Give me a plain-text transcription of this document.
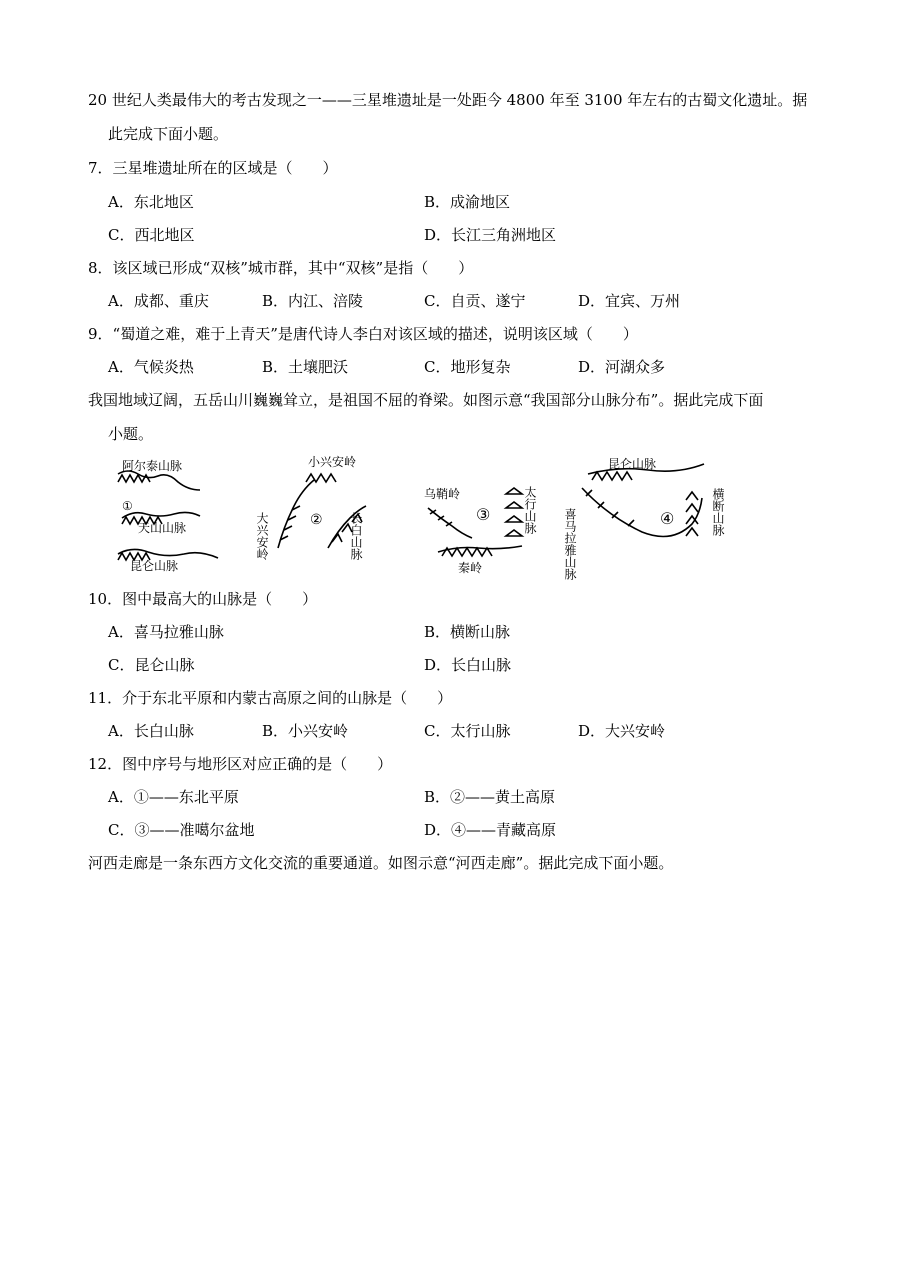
20 世纪人类最伟大的考古发现之一——三星堆遗址是一处距今 4800 年至 3100 年左右的古蜀文化遗址。据
此完成下面小题。
7．三星堆遗址所在的区域是（　　）
A．东北地区	B．成渝地区
C．西北地区	D．长江三角洲地区
8．该区域已形成“双核”城市群，其中“双核”是指（　　）
A．成都、重庆	B．内江、涪陵	C．自贡、遂宁	D．宜宾、万州
9．“蜀道之难，难于上青天”是唐代诗人李白对该区域的描述，说明该区域（　　）
A．气候炎热	B．土壤肥沃	C．地形复杂	D．河湖众多
我国地域辽阔，五岳山川巍巍耸立，是祖国不屈的脊梁。如图示意“我国部分山脉分布”。据此完成下面
小题。
阿尔泰山脉
①
天山山脉
昆仑山脉
小兴安岭
大兴安岭	② 长白山脉
乌鞘岭
③
秦岭
太行山脉
昆仑山脉
喜马拉雅山脉	④	横断山脉
10．图中最高大的山脉是（　　）
A．喜马拉雅山脉	B．横断山脉
C．昆仑山脉	D．长白山脉
11．介于东北平原和内蒙古高原之间的山脉是（　　）
A．长白山脉	B．小兴安岭	C．太行山脉	D．大兴安岭
12．图中序号与地形区对应正确的是（　　）
A．①——东北平原	B．②——黄土高原
C．③——准噶尔盆地	D．④——青藏高原
河西走廊是一条东西方文化交流的重要通道。如图示意“河西走廊”。据此完成下面小题。
